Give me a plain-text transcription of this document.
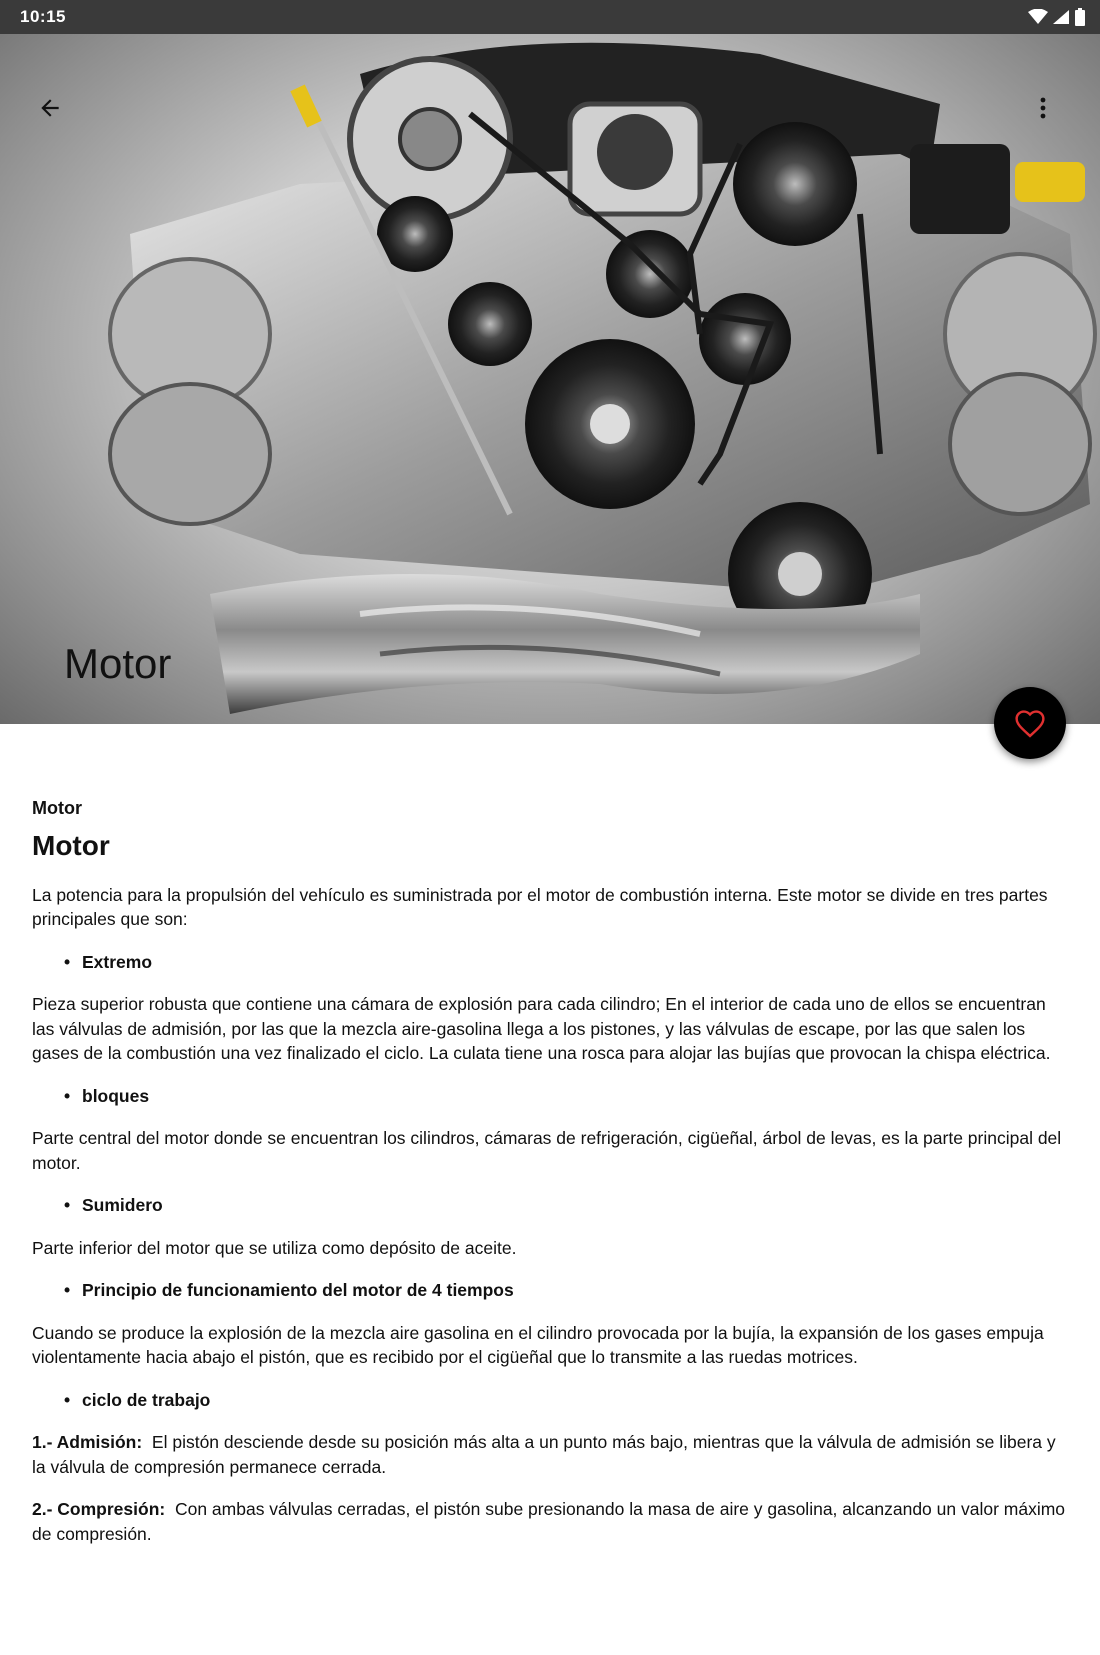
10:15
Motor
Motor
Motor

La potencia para la propulsión del vehículo es suministrada por el motor de combustión interna. Este motor se divide en tres partes principales que son:

• Extremo

Pieza superior robusta que contiene una cámara de explosión para cada cilindro; En el interior de cada uno de ellos se encuentran las válvulas de admisión, por las que la mezcla aire-gasolina llega a los pistones, y las válvulas de escape, por las que salen los gases de la combustión una vez finalizado el ciclo. La culata tiene una rosca para alojar las bujías que provocan la chispa eléctrica.

• bloques

Parte central del motor donde se encuentran los cilindros, cámaras de refrigeración, cigüeñal, árbol de levas, es la parte principal del motor.

• Sumidero

Parte inferior del motor que se utiliza como depósito de aceite.

• Principio de funcionamiento del motor de 4 tiempos

Cuando se produce la explosión de la mezcla aire gasolina en el cilindro provocada por la bujía, la expansión de los gases empuja violentamente hacia abajo el pistón, que es recibido por el cigüeñal que lo transmite a las ruedas motrices.

• ciclo de trabajo

1.- Admisión: El pistón desciende desde su posición más alta a un punto más bajo, mientras que la válvula de admisión se libera y la válvula de compresión permanece cerrada.

2.- Compresión: Con ambas válvulas cerradas, el pistón sube presionando la masa de aire y gasolina, alcanzando un valor máximo de compresión.
